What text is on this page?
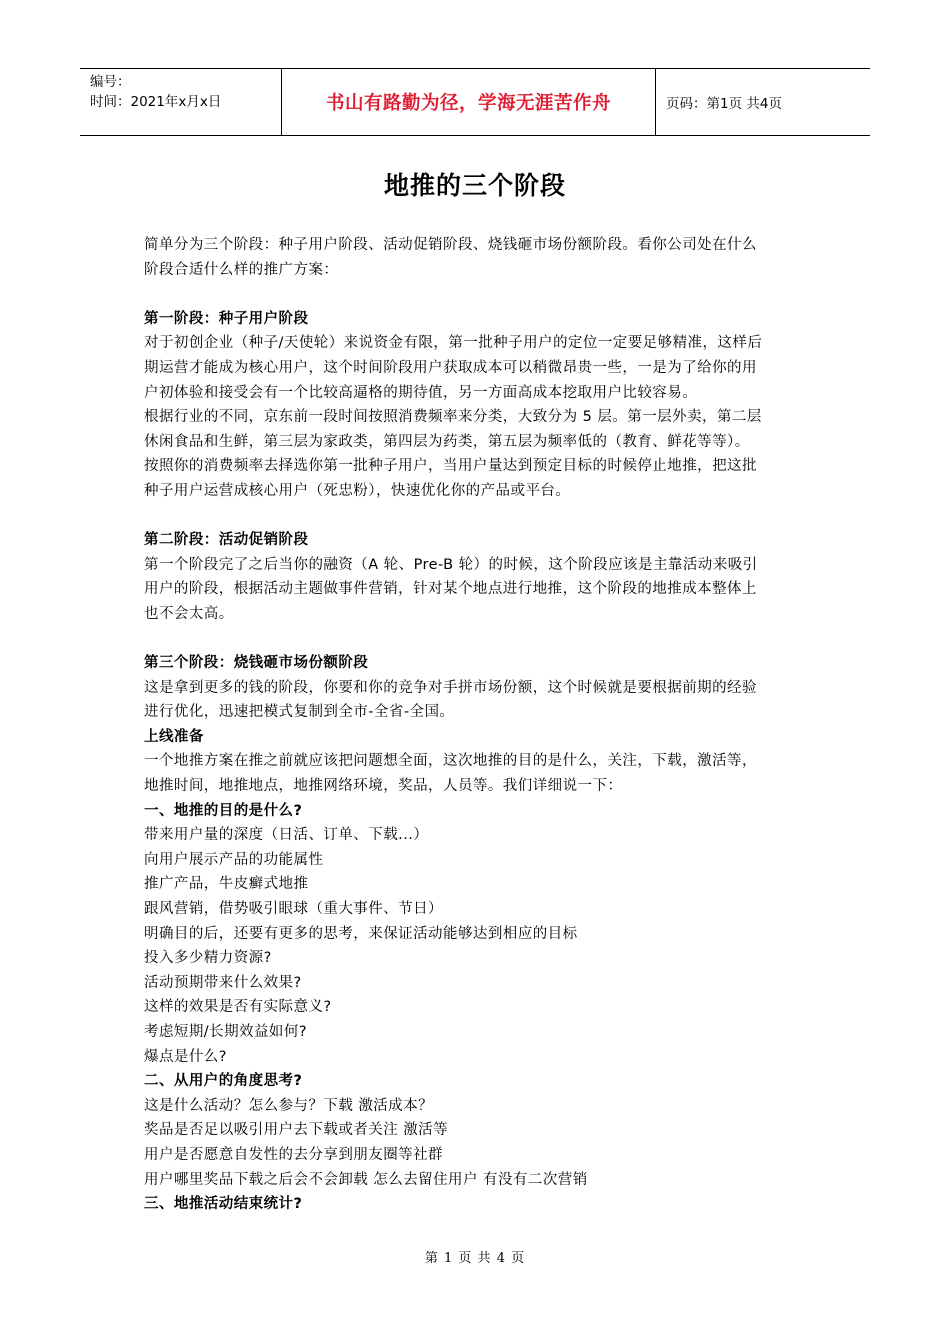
编号：
时间：2021年x月x日	书山有路勤为径，学海无涯苦作舟	页码：第1页 共4页
地推的三个阶段
简单分为三个阶段：种子用户阶段、活动促销阶段、烧钱砸市场份额阶段。看你公司处在什么
阶段合适什么样的推广方案：
第一阶段：种子用户阶段
对于初创企业（种子/天使轮）来说资金有限，第一批种子用户的定位一定要足够精准，这样后
期运营才能成为核心用户，这个时间阶段用户获取成本可以稍微昂贵一些，一是为了给你的用
户初体验和接受会有一个比较高逼格的期待值，另一方面高成本挖取用户比较容易。
根据行业的不同，京东前一段时间按照消费频率来分类，大致分为 5 层。第一层外卖，第二层
休闲食品和生鲜，第三层为家政类，第四层为药类，第五层为频率低的（教育、鲜花等等）。
按照你的消费频率去择选你第一批种子用户，当用户量达到预定目标的时候停止地推，把这批
种子用户运营成核心用户（死忠粉），快速优化你的产品或平台。
第二阶段：活动促销阶段
第一个阶段完了之后当你的融资（A 轮、Pre-B 轮）的时候，这个阶段应该是主靠活动来吸引
用户的阶段，根据活动主题做事件营销，针对某个地点进行地推，这个阶段的地推成本整体上
也不会太高。
第三个阶段：烧钱砸市场份额阶段
这是拿到更多的钱的阶段，你要和你的竞争对手拼市场份额，这个时候就是要根据前期的经验
进行优化，迅速把模式复制到全市-全省-全国。
上线准备
一个地推方案在推之前就应该把问题想全面，这次地推的目的是什么，关注，下载，激活等，
地推时间，地推地点，地推网络环境，奖品，人员等。我们详细说一下：
一、地推的目的是什么?
带来用户量的深度（日活、订单、下载...）
向用户展示产品的功能属性
推广产品，牛皮癣式地推
跟风营销，借势吸引眼球（重大事件、节日）
明确目的后，还要有更多的思考，来保证活动能够达到相应的目标
投入多少精力资源?
活动预期带来什么效果?
这样的效果是否有实际意义?
考虑短期/长期效益如何?
爆点是什么?
二、从用户的角度思考?
这是什么活动？怎么参与？下载 激活成本？
奖品是否足以吸引用户去下载或者关注 激活等
用户是否愿意自发性的去分享到朋友圈等社群
用户哪里奖品下载之后会不会卸载 怎么去留住用户 有没有二次营销
三、地推活动结束统计?
第 1 页 共 4 页
